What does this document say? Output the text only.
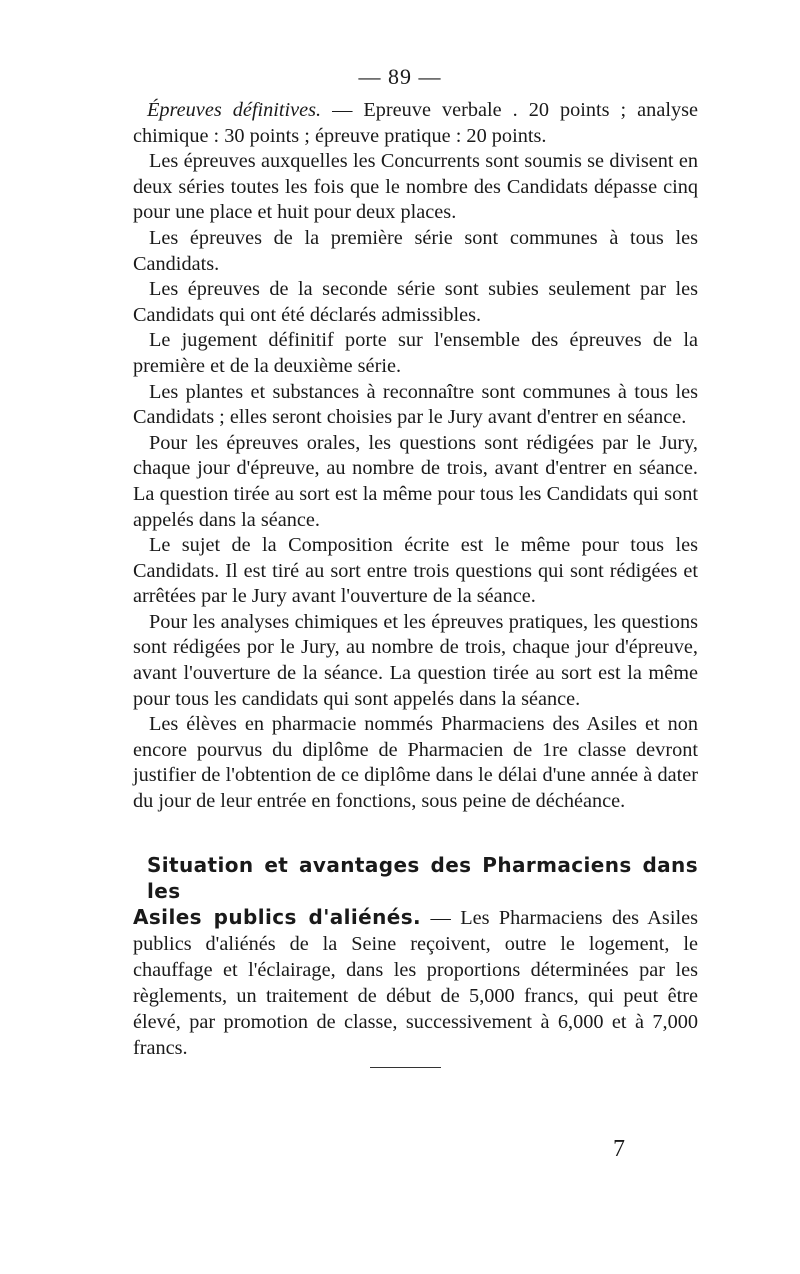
— 89 —

Épreuves définitives. — Epreuve verbale . 20 points ; analyse chimique : 30 points ; épreuve pratique : 20 points.

Les épreuves auxquelles les Concurrents sont soumis se divisent en deux séries toutes les fois que le nombre des Candidats dépasse cinq pour une place et huit pour deux places.

Les épreuves de la première série sont communes à tous les Candidats.

Les épreuves de la seconde série sont subies seulement par les Candidats qui ont été déclarés admissibles.

Le jugement définitif porte sur l'ensemble des épreuves de la première et de la deuxième série.

Les plantes et substances à reconnaître sont communes à tous les Candidats ; elles seront choisies par le Jury avant d'entrer en séance.

Pour les épreuves orales, les questions sont rédigées par le Jury, chaque jour d'épreuve, au nombre de trois, avant d'entrer en séance. La question tirée au sort est la même pour tous les Candidats qui sont appelés dans la séance.

Le sujet de la Composition écrite est le même pour tous les Candidats. Il est tiré au sort entre trois questions qui sont rédigées et arrêtées par le Jury avant l'ouverture de la séance.

Pour les analyses chimiques et les épreuves pratiques, les questions sont rédigées por le Jury, au nombre de trois, chaque jour d'épreuve, avant l'ouverture de la séance. La question tirée au sort est la même pour tous les candidats qui sont appelés dans la séance.

Les élèves en pharmacie nommés Pharmaciens des Asiles et non encore pourvus du diplôme de Pharmacien de 1re classe devront justifier de l'obtention de ce diplôme dans le délai d'une année à dater du jour de leur entrée en fonctions, sous peine de déchéance.

Situation et avantages des Pharmaciens dans les

Asiles publics d'aliénés. — Les Pharmaciens des Asiles publics d'aliénés de la Seine reçoivent, outre le logement, le chauffage et l'éclairage, dans les proportions déterminées par les règlements, un traitement de début de 5,000 francs, qui peut être élevé, par promotion de classe, successivement à 6,000 et à 7,000 francs.

7
